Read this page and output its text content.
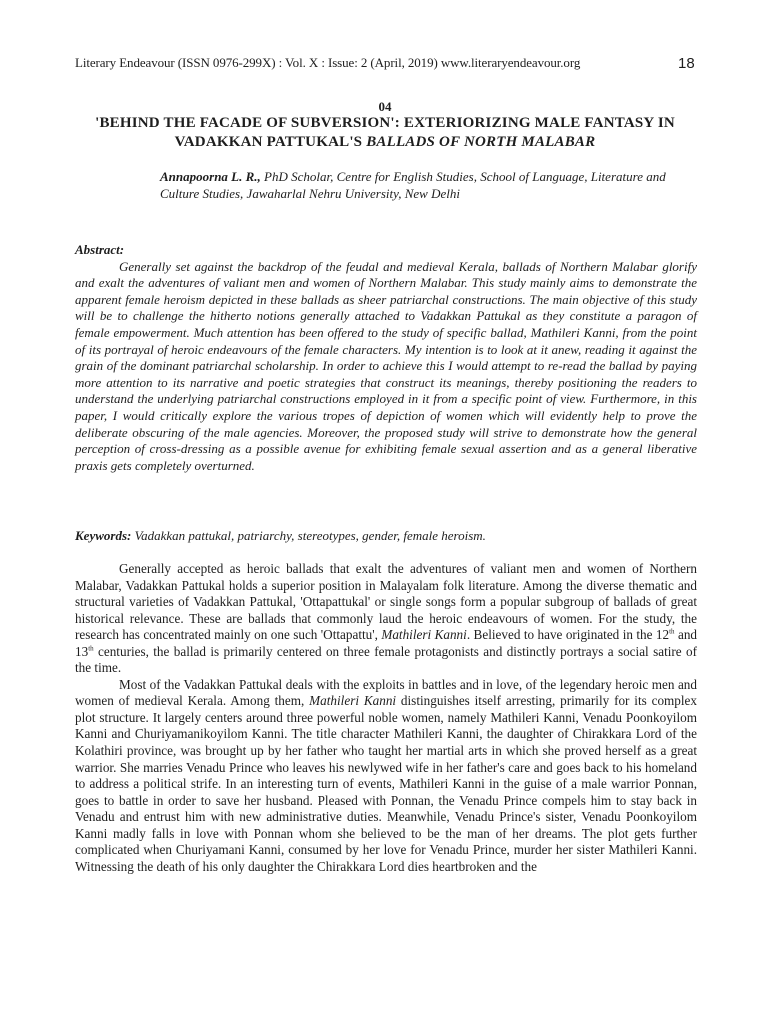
Literary Endeavour (ISSN 0976-299X) : Vol. X : Issue: 2 (April, 2019) www.literaryendeavour.org	18
04
'BEHIND THE FACADE OF SUBVERSION': EXTERIORIZING MALE FANTASY IN
VADAKKAN PATTUKAL'S BALLADS OF NORTH MALABAR
Annapoorna L. R., PhD Scholar, Centre for English Studies, School of Language, Literature and Culture Studies, Jawaharlal Nehru University, New Delhi
Abstract:

Generally set against the backdrop of the feudal and medieval Kerala, ballads of Northern Malabar glorify and exalt the adventures of valiant men and women of Northern Malabar. This study mainly aims to demonstrate the apparent female heroism depicted in these ballads as sheer patriarchal constructions. The main objective of this study will be to challenge the hitherto notions generally attached to Vadakkan Pattukal as they constitute a paragon of female empowerment. Much attention has been offered to the study of specific ballad, Mathileri Kanni, from the point of its portrayal of heroic endeavours of the female characters. My intention is to look at it anew, reading it against the grain of the dominant patriarchal scholarship. In order to achieve this I would attempt to re-read the ballad by paying more attention to its narrative and poetic strategies that construct its meanings, thereby positioning the readers to understand the underlying patriarchal constructions employed in it from a specific point of view. Furthermore, in this paper, I would critically explore the various tropes of depiction of women which will evidently help to prove the deliberate obscuring of the male agencies. Moreover, the proposed study will strive to demonstrate how the general perception of cross-dressing as a possible avenue for exhibiting female sexual assertion and as a general liberative praxis gets completely overturned.

Keywords: Vadakkan pattukal, patriarchy, stereotypes, gender, female heroism.

Generally accepted as heroic ballads that exalt the adventures of valiant men and women of Northern Malabar, Vadakkan Pattukal holds a superior position in Malayalam folk literature. Among the diverse thematic and structural varieties of Vadakkan Pattukal, 'Ottapattukal' or single songs form a popular subgroup of ballads of great historical relevance. These are ballads that commonly laud the heroic endeavours of women. For the study, the research has concentrated mainly on one such 'Ottapattu', Mathileri Kanni. Believed to have originated in the 12th and 13th centuries, the ballad is primarily centered on three female protagonists and distinctly portrays a social satire of the time.

Most of the Vadakkan Pattukal deals with the exploits in battles and in love, of the legendary heroic men and women of medieval Kerala. Among them, Mathileri Kanni distinguishes itself arresting, primarily for its complex plot structure. It largely centers around three powerful noble women, namely Mathileri Kanni, Venadu Poonkoyilom Kanni and Churiyamanikoyilom Kanni. The title character Mathileri Kanni, the daughter of Chirakkara Lord of the Kolathiri province, was brought up by her father who taught her martial arts in which she proved herself as a great warrior. She marries Venadu Prince who leaves his newlywed wife in her father's care and goes back to his homeland to address a political strife. In an interesting turn of events, Mathileri Kanni in the guise of a male warrior Ponnan, goes to battle in order to save her husband. Pleased with Ponnan, the Venadu Prince compels him to stay back in Venadu and entrust him with new administrative duties. Meanwhile, Venadu Prince's sister, Venadu Poonkoyilom Kanni madly falls in love with Ponnan whom she believed to be the man of her dreams. The plot gets further complicated when Churiyamani Kanni, consumed by her love for Venadu Prince, murder her sister Mathileri Kanni. Witnessing the death of his only daughter the Chirakkara Lord dies heartbroken and the
